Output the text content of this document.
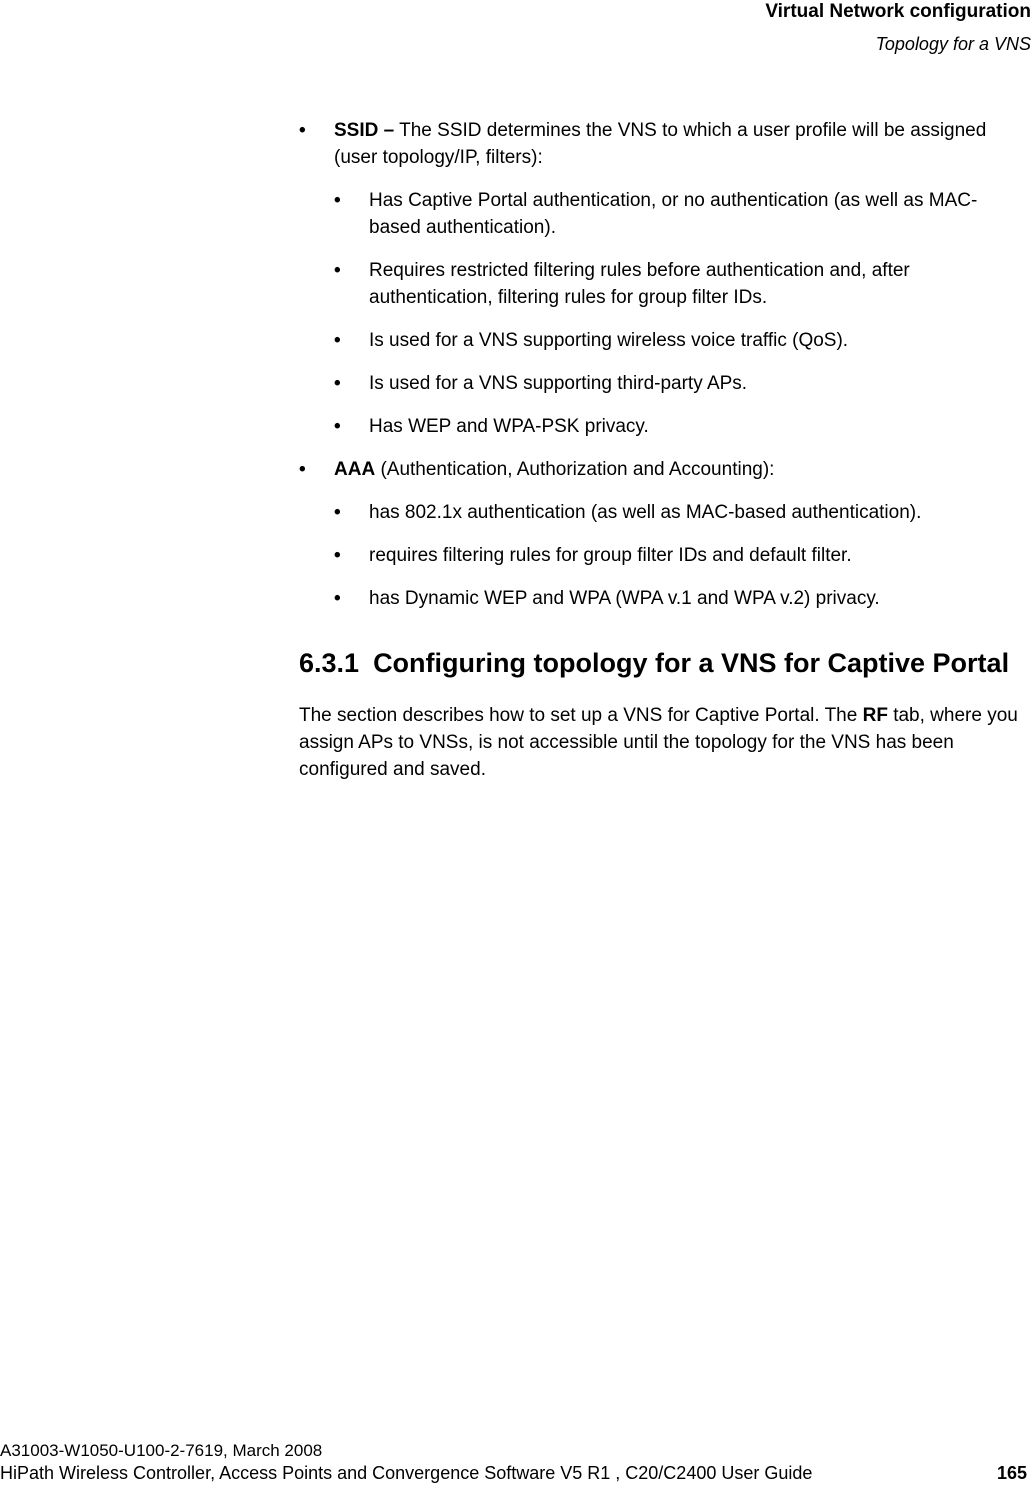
Virtual Network configuration
Topology for a VNS
• SSID – The SSID determines the VNS to which a user profile will be assigned (user topology/IP, filters):
• Has Captive Portal authentication, or no authentication (as well as MAC-based authentication).
• Requires restricted filtering rules before authentication and, after authentication, filtering rules for group filter IDs.
• Is used for a VNS supporting wireless voice traffic (QoS).
• Is used for a VNS supporting third-party APs.
• Has WEP and WPA-PSK privacy.
• AAA (Authentication, Authorization and Accounting):
• has 802.1x authentication (as well as MAC-based authentication).
• requires filtering rules for group filter IDs and default filter.
• has Dynamic WEP and WPA (WPA v.1 and WPA v.2) privacy.
6.3.1 Configuring topology for a VNS for Captive Portal

The section describes how to set up a VNS for Captive Portal. The RF tab, where you assign APs to VNSs, is not accessible until the topology for the VNS has been configured and saved.

A31003-W1050-U100-2-7619, March 2008
HiPath Wireless Controller, Access Points and Convergence Software V5 R1 , C20/C2400 User Guide	165
